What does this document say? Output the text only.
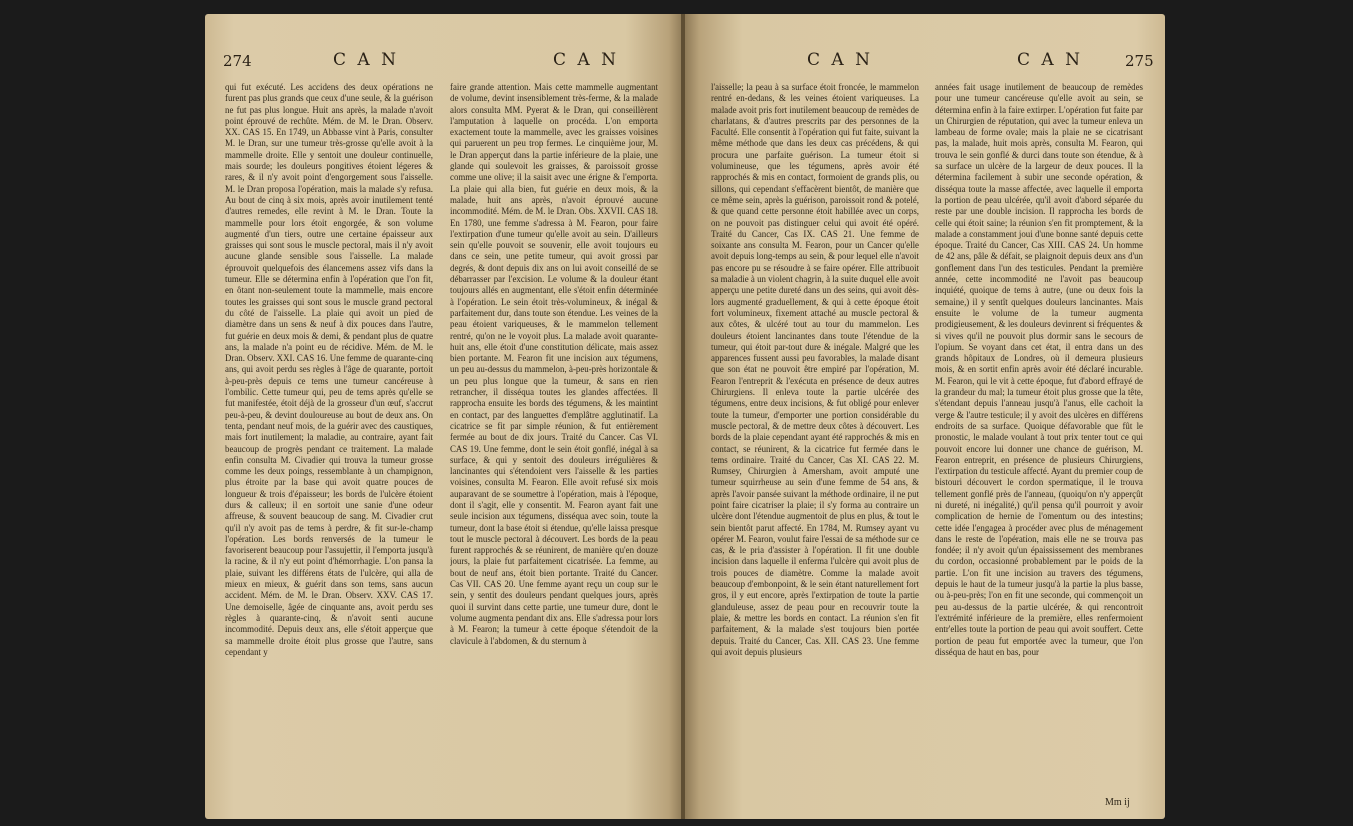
274	C A N	C A N

qui fut exécuté. Les accidens des deux opérations ne furent pas plus grands que ceux d'une seule, & la guérison ne fut pas plus longue. Huit ans après, la malade n'avoit point éprouvé de rechûte. Mém. de M. le Dran. Observ. XX. CAS 15. En 1749, un Abbasse vint à Paris, consulter M. le Dran, sur une tumeur très-grosse qu'elle avoit à la mammelle droite. Elle y sentoit une douleur continuelle, mais sourde; les douleurs pongitives étoient légeres & rares, & il n'y avoit point d'engorgement sous l'aisselle. M. le Dran proposa l'opération, mais la malade s'y refusa. Au bout de cinq à six mois, après avoir inutilement tenté d'autres remedes, elle revint à M. le Dran. Toute la mammelle pour lors étoit engorgée, & son volume augmenté d'un tiers, outre une certaine épaisseur aux graisses qui sont sous le muscle pectoral, mais il n'y avoit aucune glande sensible sous l'aisselle. La malade éprouvoit quelquefois des élancemens assez vifs dans la tumeur. Elle se détermina enfin à l'opération que l'on fit, en ôtant non-seulement toute la mammelle, mais encore toutes les graisses qui sont sous le muscle grand pectoral du côté de l'aisselle. La plaie qui avoit un pied de diamètre dans un sens & neuf à dix pouces dans l'autre, fut guérie en deux mois & demi, & pendant plus de quatre ans, la malade n'a point eu de récidive. Mém. de M. le Dran. Observ. XXI. CAS 16. Une femme de quarante-cinq ans, qui avoit perdu ses règles à l'âge de quarante, portoit à-peu-près depuis ce tems une tumeur cancéreuse à l'ombilic. Cette tumeur qui, peu de tems après qu'elle se fut manifestée, étoit déjà de la grosseur d'un œuf, s'accrut peu-à-peu, & devint douloureuse au bout de deux ans. On tenta, pendant neuf mois, de la guérir avec des caustiques, mais fort inutilement; la maladie, au contraire, ayant fait beaucoup de progrès pendant ce traitement. La malade enfin consulta M. Civadier qui trouva la tumeur grosse comme les deux poings, ressemblante à un champignon, plus étroite par la base qui avoit quatre pouces de longueur & trois d'épaisseur; les bords de l'ulcère étoient durs & calleux; il en sortoit une sanie d'une odeur affreuse, & souvent beaucoup de sang. M. Civadier crut qu'il n'y avoit pas de tems à perdre, & fit sur-le-champ l'opération. Les bords renversés de la tumeur le favoriserent beaucoup pour l'assujettir, il l'emporta jusqu'à la racine, & il n'y eut point d'hémorrhagie. L'on pansa la plaie, suivant les différens états de l'ulcère, qui alla de mieux en mieux, & guérit dans son tems, sans aucun accident. Mém. de M. le Dran. Observ. XXV. CAS 17. Une demoiselle, âgée de cinquante ans, avoit perdu ses règles à quarante-cinq, & n'avoit senti aucune incommodité. Depuis deux ans, elle s'étoit apperçue que sa mammelle droite étoit plus grosse que l'autre, sans cependant y

faire grande attention. Mais cette mammelle augmentant de volume, devint insensiblement très-ferme, & la malade alors consulta MM. Pyerat & le Dran, qui conseillèrent l'amputation à laquelle on procéda. L'on emporta exactement toute la mammelle, avec les graisses voisines qui paruerent un peu trop fermes. Le cinquième jour, M. le Dran apperçut dans la partie inférieure de la plaie, une glande qui soulevoit les graisses, & paroissoit grosse comme une olive; il la saisit avec une érigne & l'emporta. La plaie qui alla bien, fut guérie en deux mois, & la malade, huit ans après, n'avoit éprouvé aucune incommodité. Mém. de M. le Dran. Obs. XXVII. CAS 18. En 1780, une femme s'adressa à M. Fearon, pour faire l'extirpation d'une tumeur qu'elle avoit au sein. D'ailleurs sein qu'elle pouvoit se souvenir, elle avoit toujours eu dans ce sein, une petite tumeur, qui avoit grossi par degrés, & dont depuis dix ans on lui avoit conseillé de se débarrasser par l'excision. Le volume & la douleur étant toujours allés en augmentant, elle s'étoit enfin déterminée à l'opération. Le sein étoit très-volumineux, & inégal & parfaitement dur, dans toute son étendue. Les veines de la peau étoient variqueuses, & le mammelon tellement rentré, qu'on ne le voyoit plus. La malade avoit quarante-huit ans, elle étoit d'une constitution délicate, mais assez bien portante. M. Fearon fit une incision aux tégumens, un peu au-dessus du mammelon, à-peu-près horizontale & un peu plus longue que la tumeur, & sans en rien retrancher, il disséqua toutes les glandes affectées. Il rapprocha ensuite les bords des tégumens, & les maintint en contact, par des languettes d'emplâtre agglutinatif. La cicatrice se fit par simple réunion, & fut entièrement fermée au bout de dix jours. Traité du Cancer. Cas VI. CAS 19. Une femme, dont le sein étoit gonflé, inégal à sa surface, & qui y sentoit des douleurs irrégulières & lancinantes qui s'étendoient vers l'aisselle & les parties voisines, consulta M. Fearon. Elle avoit refusé six mois auparavant de se soumettre à l'opération, mais à l'époque, dont il s'agit, elle y consentit. M. Fearon ayant fait une seule incision aux tégumens, disséqua avec soin, toute la tumeur, dont la base étoit si étendue, qu'elle laissa presque tout le muscle pectoral à découvert. Les bords de la peau furent rapprochés & se réunirent, de manière qu'en douze jours, la plaie fut parfaitement cicatrisée. La femme, au bout de neuf ans, étoit bien portante. Traité du Cancer. Cas VII. CAS 20. Une femme ayant reçu un coup sur le sein, y sentit des douleurs pendant quelques jours, après quoi il survint dans cette partie, une tumeur dure, dont le volume augmenta pendant dix ans. Elle s'adressa pour lors à M. Fearon; la tumeur à cette époque s'étendoit de la clavicule à l'abdomen, & du sternum à

C A N	C A N	275

l'aisselle; la peau à sa surface étoit froncée, le mammelon rentré en-dedans, & les veines étoient variqueuses. La malade avoit pris fort inutilement beaucoup de remèdes de charlatans, & d'autres prescrits par des personnes de la Faculté. Elle consentit à l'opération qui fut faite, suivant la même méthode que dans les deux cas précédens, & qui procura une parfaite guérison. La tumeur étoit si volumineuse, que les tégumens, après avoir été rapprochés & mis en contact, formoient de grands plis, ou sillons, qui cependant s'effacèrent bientôt, de manière que ce même sein, après la guérison, paroissoit rond & potelé, & que quand cette personne étoit habillée avec un corps, on ne pouvoit pas distinguer celui qui avoit été opéré. Traité du Cancer, Cas IX. CAS 21. Une femme de soixante ans consulta M. Fearon, pour un Cancer qu'elle avoit depuis long-temps au sein, & pour lequel elle n'avoit pas encore pu se résoudre à se faire opérer. Elle attribuoit sa maladie à un violent chagrin, à la suite duquel elle avoit apperçu une petite dureté dans un des seins, qui avoit dès-lors augmenté graduellement, & qui à cette époque étoit fort volumineux, fixement attaché au muscle pectoral & aux côtes, & ulcéré tout au tour du mammelon. Les douleurs étoient lancinantes dans toute l'étendue de la tumeur, qui étoit par-tout dure & inégale. Malgré que les apparences fussent aussi peu favorables, la malade disant que son état ne pouvoit être empiré par l'opération, M. Fearon l'entreprit & l'exécuta en présence de deux autres Chirurgiens. Il enleva toute la partie ulcérée des tégumens, entre deux incisions, & fut obligé pour enlever toute la tumeur, d'emporter une portion considérable du muscle pectoral, & de mettre deux côtes à découvert. Les bords de la plaie cependant ayant été rapprochés & mis en contact, se réunirent, & la cicatrice fut fermée dans le tems ordinaire. Traité du Cancer, Cas XI. CAS 22. M. Rumsey, Chirurgien à Amersham, avoit amputé une tumeur squirrheuse au sein d'une femme de 54 ans, & après l'avoir pansée suivant la méthode ordinaire, il ne put point faire cicatriser la plaie; il s'y forma au contraire un ulcère dont l'étendue augmentoit de plus en plus, & tout le sein bientôt parut affecté. En 1784, M. Rumsey ayant vu opérer M. Fearon, voulut faire l'essai de sa méthode sur ce cas, & le pria d'assister à l'opération. Il fit une double incision dans laquelle il enferma l'ulcère qui avoit plus de trois pouces de diamètre. Comme la malade avoit beaucoup d'embonpoint, & le sein étant naturellement fort gros, il y eut encore, après l'extirpation de toute la partie glanduleuse, assez de peau pour en recouvrir toute la plaie, & mettre les bords en contact. La réunion s'en fit parfaitement, & la malade s'est toujours bien portée depuis. Traité du Cancer, Cas. XII. CAS 23. Une femme qui avoit depuis plusieurs

années fait usage inutilement de beaucoup de remèdes pour une tumeur cancéreuse qu'elle avoit au sein, se détermina enfin à la faire extirper. L'opération fut faite par un Chirurgien de réputation, qui avec la tumeur enleva un lambeau de forme ovale; mais la plaie ne se cicatrisant pas, la malade, huit mois après, consulta M. Fearon, qui trouva le sein gonflé & durci dans toute son étendue, & à sa surface un ulcère de la largeur de deux pouces. Il la détermina facilement à subir une seconde opération, & disséqua toute la masse affectée, avec laquelle il emporta la portion de peau ulcérée, qu'il avoit d'abord séparée du reste par une double incision. Il rapprocha les bords de celle qui étoit saine; la réunion s'en fit promptement, & la malade a constamment joui d'une bonne santé depuis cette époque. Traité du Cancer, Cas XIII. CAS 24. Un homme de 42 ans, pâle & défait, se plaignoit depuis deux ans d'un gonflement dans l'un des testicules. Pendant la première année, cette incommodité ne l'avoit pas beaucoup inquiété, quoique de tems à autre, (une ou deux fois la semaine,) il y sentît quelques douleurs lancinantes. Mais ensuite le volume de la tumeur augmenta prodigieusement, & les douleurs devinrent si fréquentes & si vives qu'il ne pouvoit plus dormir sans le secours de l'opium. Se voyant dans cet état, il entra dans un des grands hôpitaux de Londres, où il demeura plusieurs mois, & en sortit enfin après avoir été déclaré incurable. M. Fearon, qui le vit à cette époque, fut d'abord effrayé de la grandeur du mal; la tumeur étoit plus grosse que la tête, s'étendant depuis l'anneau jusqu'à l'anus, elle cachoit la verge & l'autre testicule; il y avoit des ulcères en différens endroits de sa surface. Quoique défavorable que fût le pronostic, le malade voulant à tout prix tenter tout ce qui pouvoit encore lui donner une chance de guérison, M. Fearon entreprit, en présence de plusieurs Chirurgiens, l'extirpation du testicule affecté. Ayant du premier coup de bistouri découvert le cordon spermatique, il le trouva tellement gonflé près de l'anneau, (quoiqu'on n'y apperçût ni dureté, ni inégalité,) qu'il pensa qu'il pourroit y avoir complication de hernie de l'omentum ou des intestins; cette idée l'engagea à procéder avec plus de ménagement dans le reste de l'opération, mais elle ne se trouva pas fondée; il n'y avoit qu'un épaississement des membranes du cordon, occasionné probablement par le poids de la partie. L'on fit une incision au travers des tégumens, depuis le haut de la tumeur jusqu'à la partie la plus basse, ou à-peu-près; l'on en fit une seconde, qui commençoit un peu au-dessus de la partie ulcérée, & qui rencontroit l'extrémité inférieure de la première, elles renfermoient entr'elles toute la portion de peau qui avoit souffert. Cette portion de peau fut emportée avec la tumeur, que l'on disséqua de haut en bas, pour

Mm ij
